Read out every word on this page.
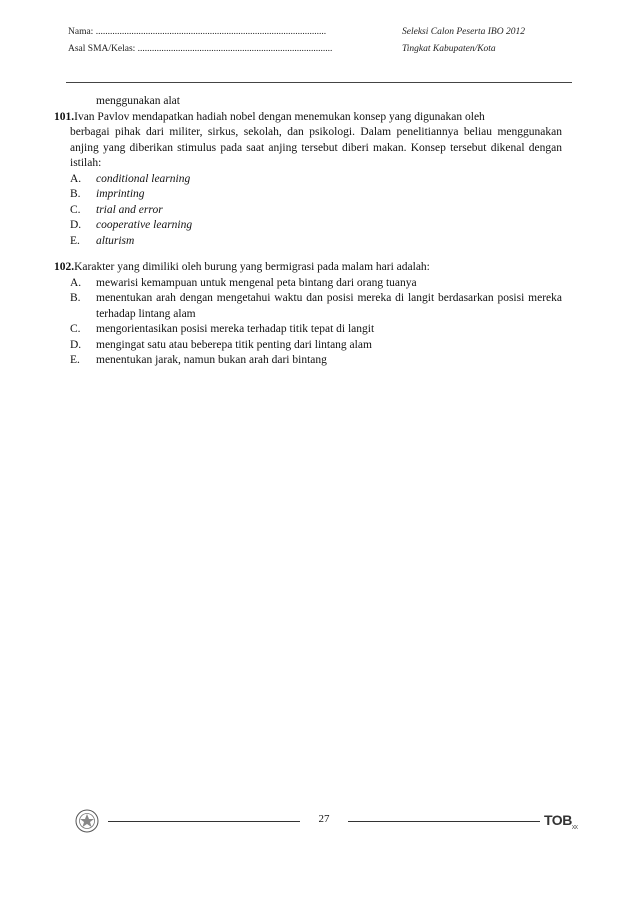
Nama: .................................................................................................	Seleksi Calon Peserta IBO 2012
Asal SMA/Kelas: ..................................................................................	Tingkat Kabupaten/Kota
menggunakan alat
101. Ivan Pavlov mendapatkan hadiah nobel dengan menemukan konsep yang digunakan oleh
berbagai pihak dari militer, sirkus, sekolah, dan psikologi. Dalam penelitiannya beliau menggunakan anjing yang diberikan stimulus pada saat anjing tersebut diberi makan. Konsep tersebut dikenal dengan istilah:
A.	conditional learning
B.	imprinting
C.	trial and error
D.	cooperative learning
E.	alturism
102. Karakter yang dimiliki oleh burung yang bermigrasi pada malam hari adalah:
A.	mewarisi kemampuan untuk mengenal peta bintang dari orang tuanya
B.	menentukan arah dengan mengetahui waktu dan posisi mereka di langit berdasarkan posisi mereka terhadap lintang alam
C.	mengorientasikan posisi mereka terhadap titik tepat di langit
D.	mengingat satu atau beberepa titik penting dari lintang alam
E.	menentukan jarak, namun bukan arah dari bintang
27	$TOB_{XX}$
